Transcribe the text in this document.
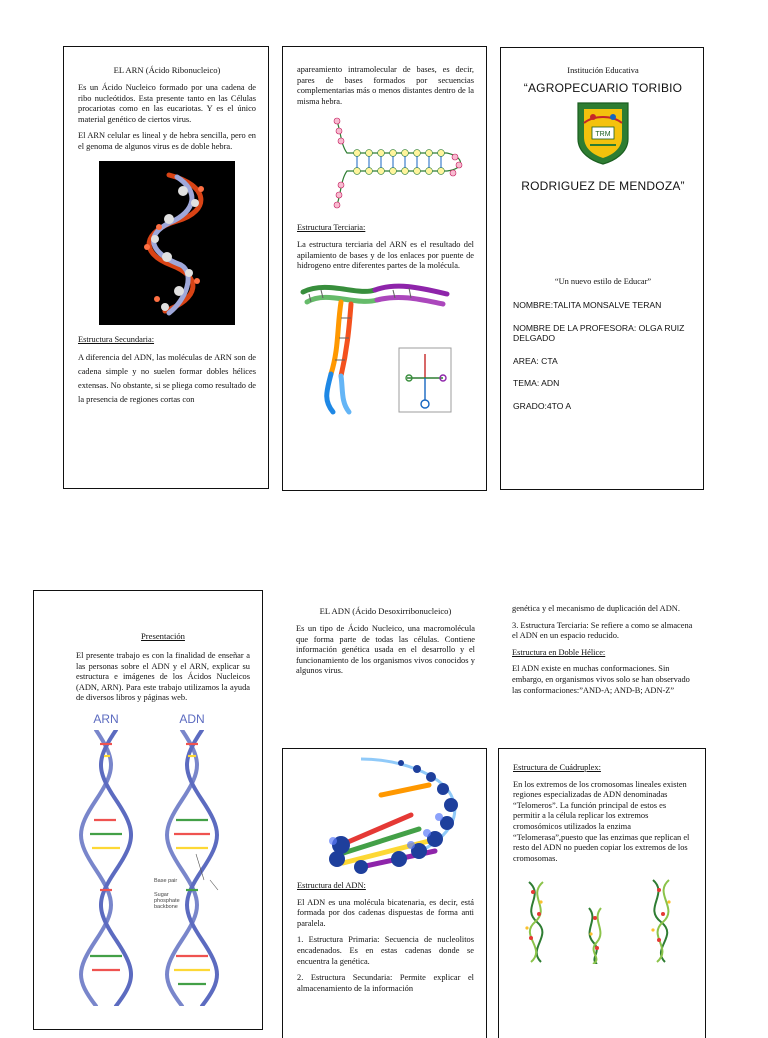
EL ARN (Ácido Ribonucleico)

Es un Ácido Nucleico formado por una cadena de ribo nucleótidos. Esta presente tanto en las Células procariotas como en las eucariotas. Y es el único material genético de ciertos virus.

El ARN celular es lineal y de hebra sencilla, pero en el genoma de algunos virus es de doble hebra.

Estructura Secundaria:

A diferencia del ADN, las moléculas de ARN son de cadena simple y no suelen formar dobles hélices extensas. No obstante, si se pliega como resultado de la presencia de regiones cortas con

apareamiento intramolecular de bases, es decir, pares de bases formados por secuencias complementarias más o menos distantes dentro de la misma hebra.

Estructura Terciaria:

La estructura terciaria del ARN es el resultado del apilamiento de bases y de los enlaces por puente de hidrogeno entre diferentes partes de la molécula.

Institución Educativa

“AGROPECUARIO TORIBIO

TRM

RODRIGUEZ DE MENDOZA”

“Un nuevo estilo de Educar”

NOMBRE:TALITA MONSALVE TERAN

NOMBRE DE LA PROFESORA: OLGA RUIZ DELGADO

AREA: CTA

TEMA: ADN

GRADO:4TO A

Presentación

El presente trabajo es con la finalidad de enseñar a las personas sobre el ADN y el ARN, explicar su estructura e imágenes de los Ácidos Nucleicos (ADN, ARN). Para este trabajo utilizamos la ayuda de diversos libros y páginas web.

ARN	ADN
Base pair
Sugar
phosphate
backbone

EL ADN (Ácido Desoxirribonucleico)

Es un tipo de Ácido Nucleico, una macromolécula que forma parte de todas las células. Contiene información genética usada en el desarrollo y el funcionamiento de los organismos vivos conocidos y algunos virus.

Estructura del ADN:

El ADN es una molécula bicatenaria, es decir, está formada por dos cadenas dispuestas de forma anti paralela.

1. Estructura Primaria: Secuencia de nucleolitos encadenados. Es en estas cadenas donde se encuentra la genética.

2. Estructura Secundaria: Permite explicar el almacenamiento de la información

genética y el mecanismo de duplicación del ADN.

3. Estructura Terciaria: Se refiere a como se almacena el ADN en un espacio reducido.

Estructura en Doble Hélice:

El ADN existe en muchas conformaciones. Sin embargo, en organismos vivos solo se han observado las conformaciones:”AND-A; AND-B; ADN-Z”

Estructura de Cuádruplex:

En los extremos de los cromosomas lineales existen regiones especializadas de ADN denominadas “Telomeros”. La función principal de estos es permitir a la célula replicar los extremos cromosómicos utilizados la enzima “Telomerasa”,puesto que las enzimas que replican el resto del ADN no pueden copiar los extremos de los cromosomas.
